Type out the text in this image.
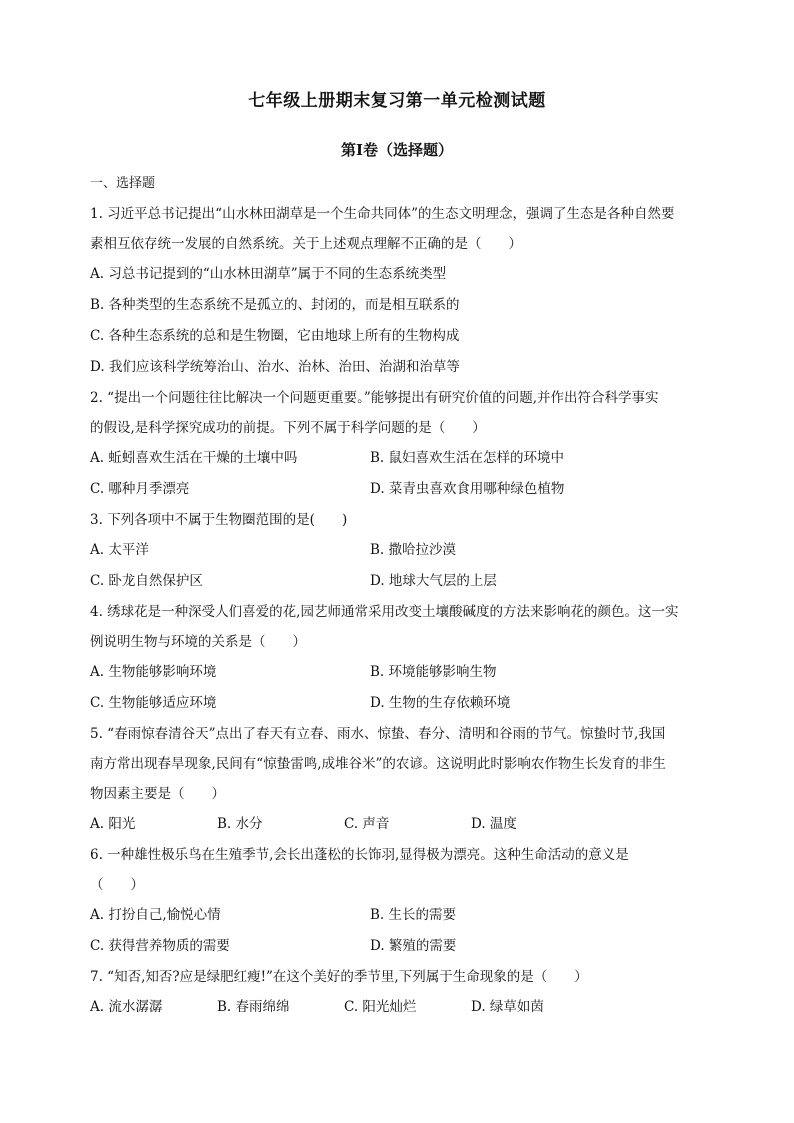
七年级上册期末复习第一单元检测试题
第Ⅰ卷（选择题）
一、选择题

1. 习近平总书记提出“山水林田湖草是一个生命共同体”的生态文明理念，强调了生态是各种自然要

素相互依存统一发展的自然系统。关于上述观点理解不正确的是（　　）

A. 习总书记提到的“山水林田湖草”属于不同的生态系统类型
B. 各种类型的生态系统不是孤立的、封闭的，而是相互联系的
C. 各种生态系统的总和是生物圈，它由地球上所有的生物构成
D. 我们应该科学统筹治山、治水、治林、治田、治湖和治草等

2. “提出一个问题往往比解决一个问题更重要。”能够提出有研究价值的问题,并作出符合科学事实

的假设,是科学探究成功的前提。下列不属于科学问题的是（　　）

A. 蚯蚓喜欢生活在干燥的土壤中吗	B. 鼠妇喜欢生活在怎样的环境中
C. 哪种月季漂亮	D. 菜青虫喜欢食用哪种绿色植物

3. 下列各项中不属于生物圈范围的是(　　)

A. 太平洋	B. 撒哈拉沙漠
C. 卧龙自然保护区	D. 地球大气层的上层

4. 绣球花是一种深受人们喜爱的花,园艺师通常采用改变土壤酸碱度的方法来影响花的颜色。这一实

例说明生物与环境的关系是（　　）

A. 生物能够影响环境	B. 环境能够影响生物
C. 生物能够适应环境	D. 生物的生存依赖环境

5. “春雨惊春清谷天”点出了春天有立春、雨水、惊蛰、春分、清明和谷雨的节气。惊蛰时节,我国

南方常出现春旱现象,民间有“惊蛰雷鸣,成堆谷米”的农谚。这说明此时影响农作物生长发育的非生

物因素主要是（　　）

A. 阳光	B. 水分	C. 声音	D. 温度

6. 一种雄性极乐鸟在生殖季节,会长出蓬松的长饰羽,显得极为漂亮。这种生命活动的意义是

（　　）

A. 打扮自己,愉悦心情	B. 生长的需要
C. 获得营养物质的需要	D. 繁殖的需要

7. “知否,知否?应是绿肥红瘦!”在这个美好的季节里,下列属于生命现象的是（　　）

A. 流水潺潺	B. 春雨绵绵	C. 阳光灿烂	D. 绿草如茵
